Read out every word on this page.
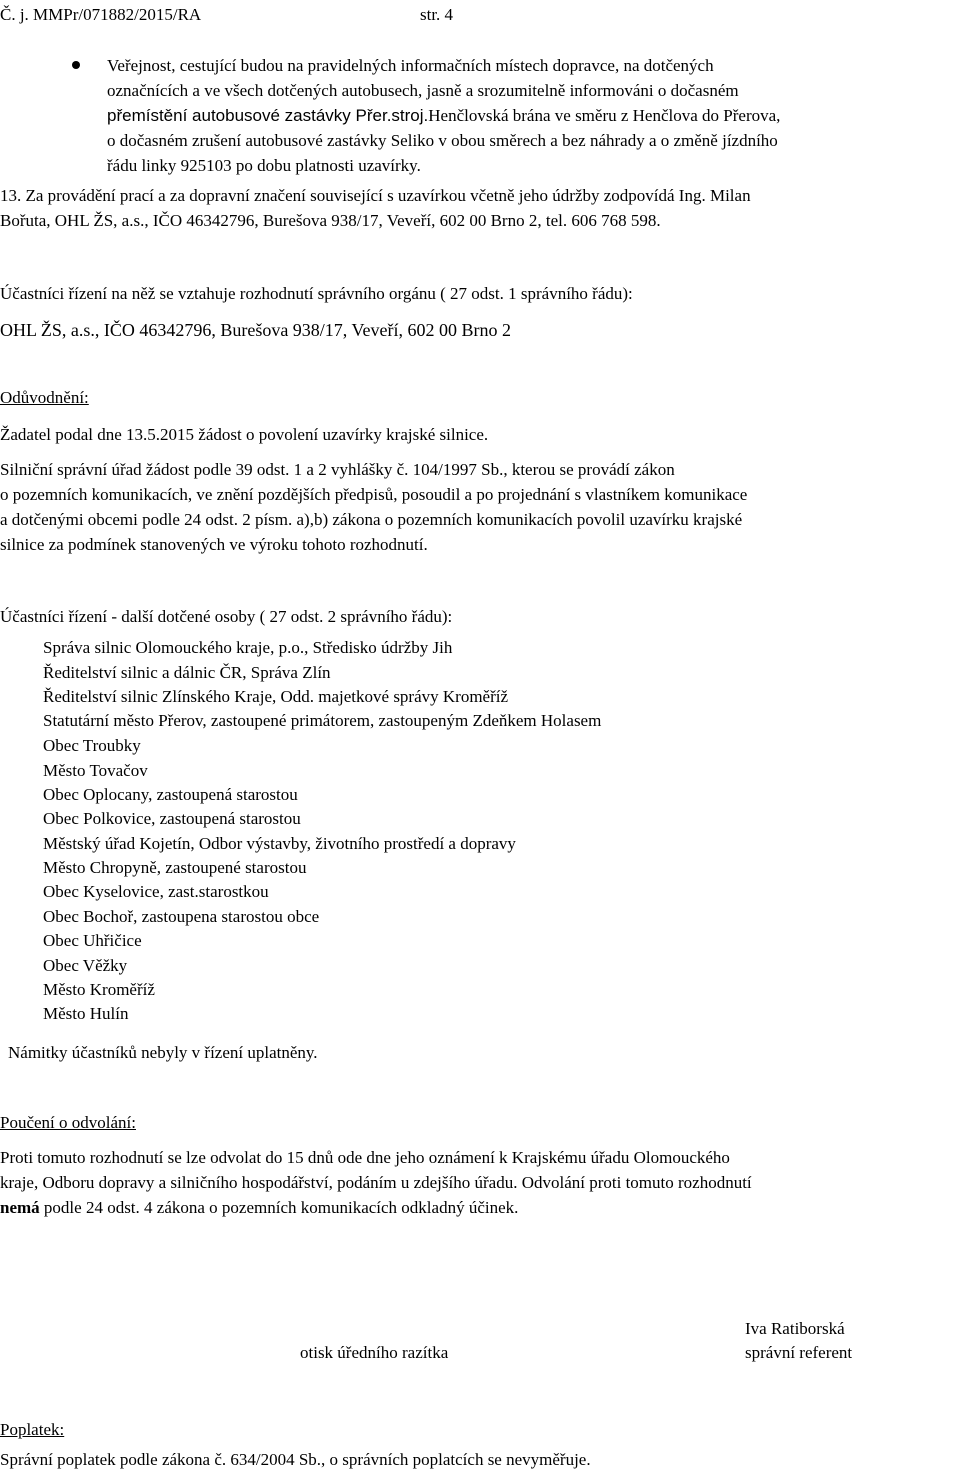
Č. j. MMPr/071882/2015/RA	str. 4
Veřejnost, cestující budou na pravidelných informačních místech dopravce, na dotčených
označnících a ve všech dotčených autobusech, jasně a srozumitelně informováni o dočasném
přemístění autobusové zastávky Přer.stroj.Henčlovská brána ve směru z Henčlova do Přerova,
o dočasném zrušení autobusové zastávky Seliko v obou směrech a bez náhrady a o změně jízdního
řádu linky 925103 po dobu platnosti uzavírky.
13. Za provádění prací a za dopravní značení související s uzavírkou včetně jeho údržby zodpovídá Ing. Milan
Bořuta, OHL ŽS, a.s., IČO 46342796, Burešova 938/17, Veveří, 602 00 Brno 2, tel. 606 768 598.
Účastníci řízení na něž se vztahuje rozhodnutí správního orgánu ( 27 odst. 1 správního řádu):
OHL ŽS, a.s., IČO 46342796, Burešova 938/17, Veveří, 602 00 Brno 2
Odůvodnění:
Žadatel podal dne 13.5.2015 žádost o povolení uzavírky krajské silnice.
Silniční správní úřad žádost podle 39 odst. 1 a 2 vyhlášky č. 104/1997 Sb., kterou se provádí zákon
o pozemních komunikacích, ve znění pozdějších předpisů, posoudil a po projednání s vlastníkem komunikace
a dotčenými obcemi podle 24 odst. 2 písm. a),b) zákona o pozemních komunikacích povolil uzavírku krajské
silnice za podmínek stanovených ve výroku tohoto rozhodnutí.
Účastníci řízení - další dotčené osoby ( 27 odst. 2 správního řádu):
Správa silnic Olomouckého kraje, p.o., Středisko údržby Jih
Ředitelství silnic a dálnic ČR, Správa Zlín
Ředitelství silnic Zlínského Kraje, Odd. majetkové správy Kroměříž
Statutární město Přerov, zastoupené primátorem, zastoupeným Zdeňkem Holasem
Obec Troubky
Město Tovačov
Obec Oplocany, zastoupená starostou
Obec Polkovice, zastoupená starostou
Městský úřad Kojetín, Odbor výstavby, životního prostředí a dopravy
Město Chropyně, zastoupené starostou
Obec Kyselovice, zast.starostkou
Obec Bochoř, zastoupena starostou obce
Obec Uhřičice
Obec Věžky
Město Kroměříž
Město Hulín
Námitky účastníků nebyly v řízení uplatněny.
Poučení o odvolání:
Proti tomuto rozhodnutí se lze odvolat do 15 dnů ode dne jeho oznámení k Krajskému úřadu Olomouckého
kraje, Odboru dopravy a silničního hospodářství, podáním u zdejšího úřadu. Odvolání proti tomuto rozhodnutí
nemá podle 24 odst. 4 zákona o pozemních komunikacích odkladný účinek.
otisk úředního razítka
Iva Ratiborská
správní referent
Poplatek:
Správní poplatek podle zákona č. 634/2004 Sb., o správních poplatcích se nevyměřuje.
